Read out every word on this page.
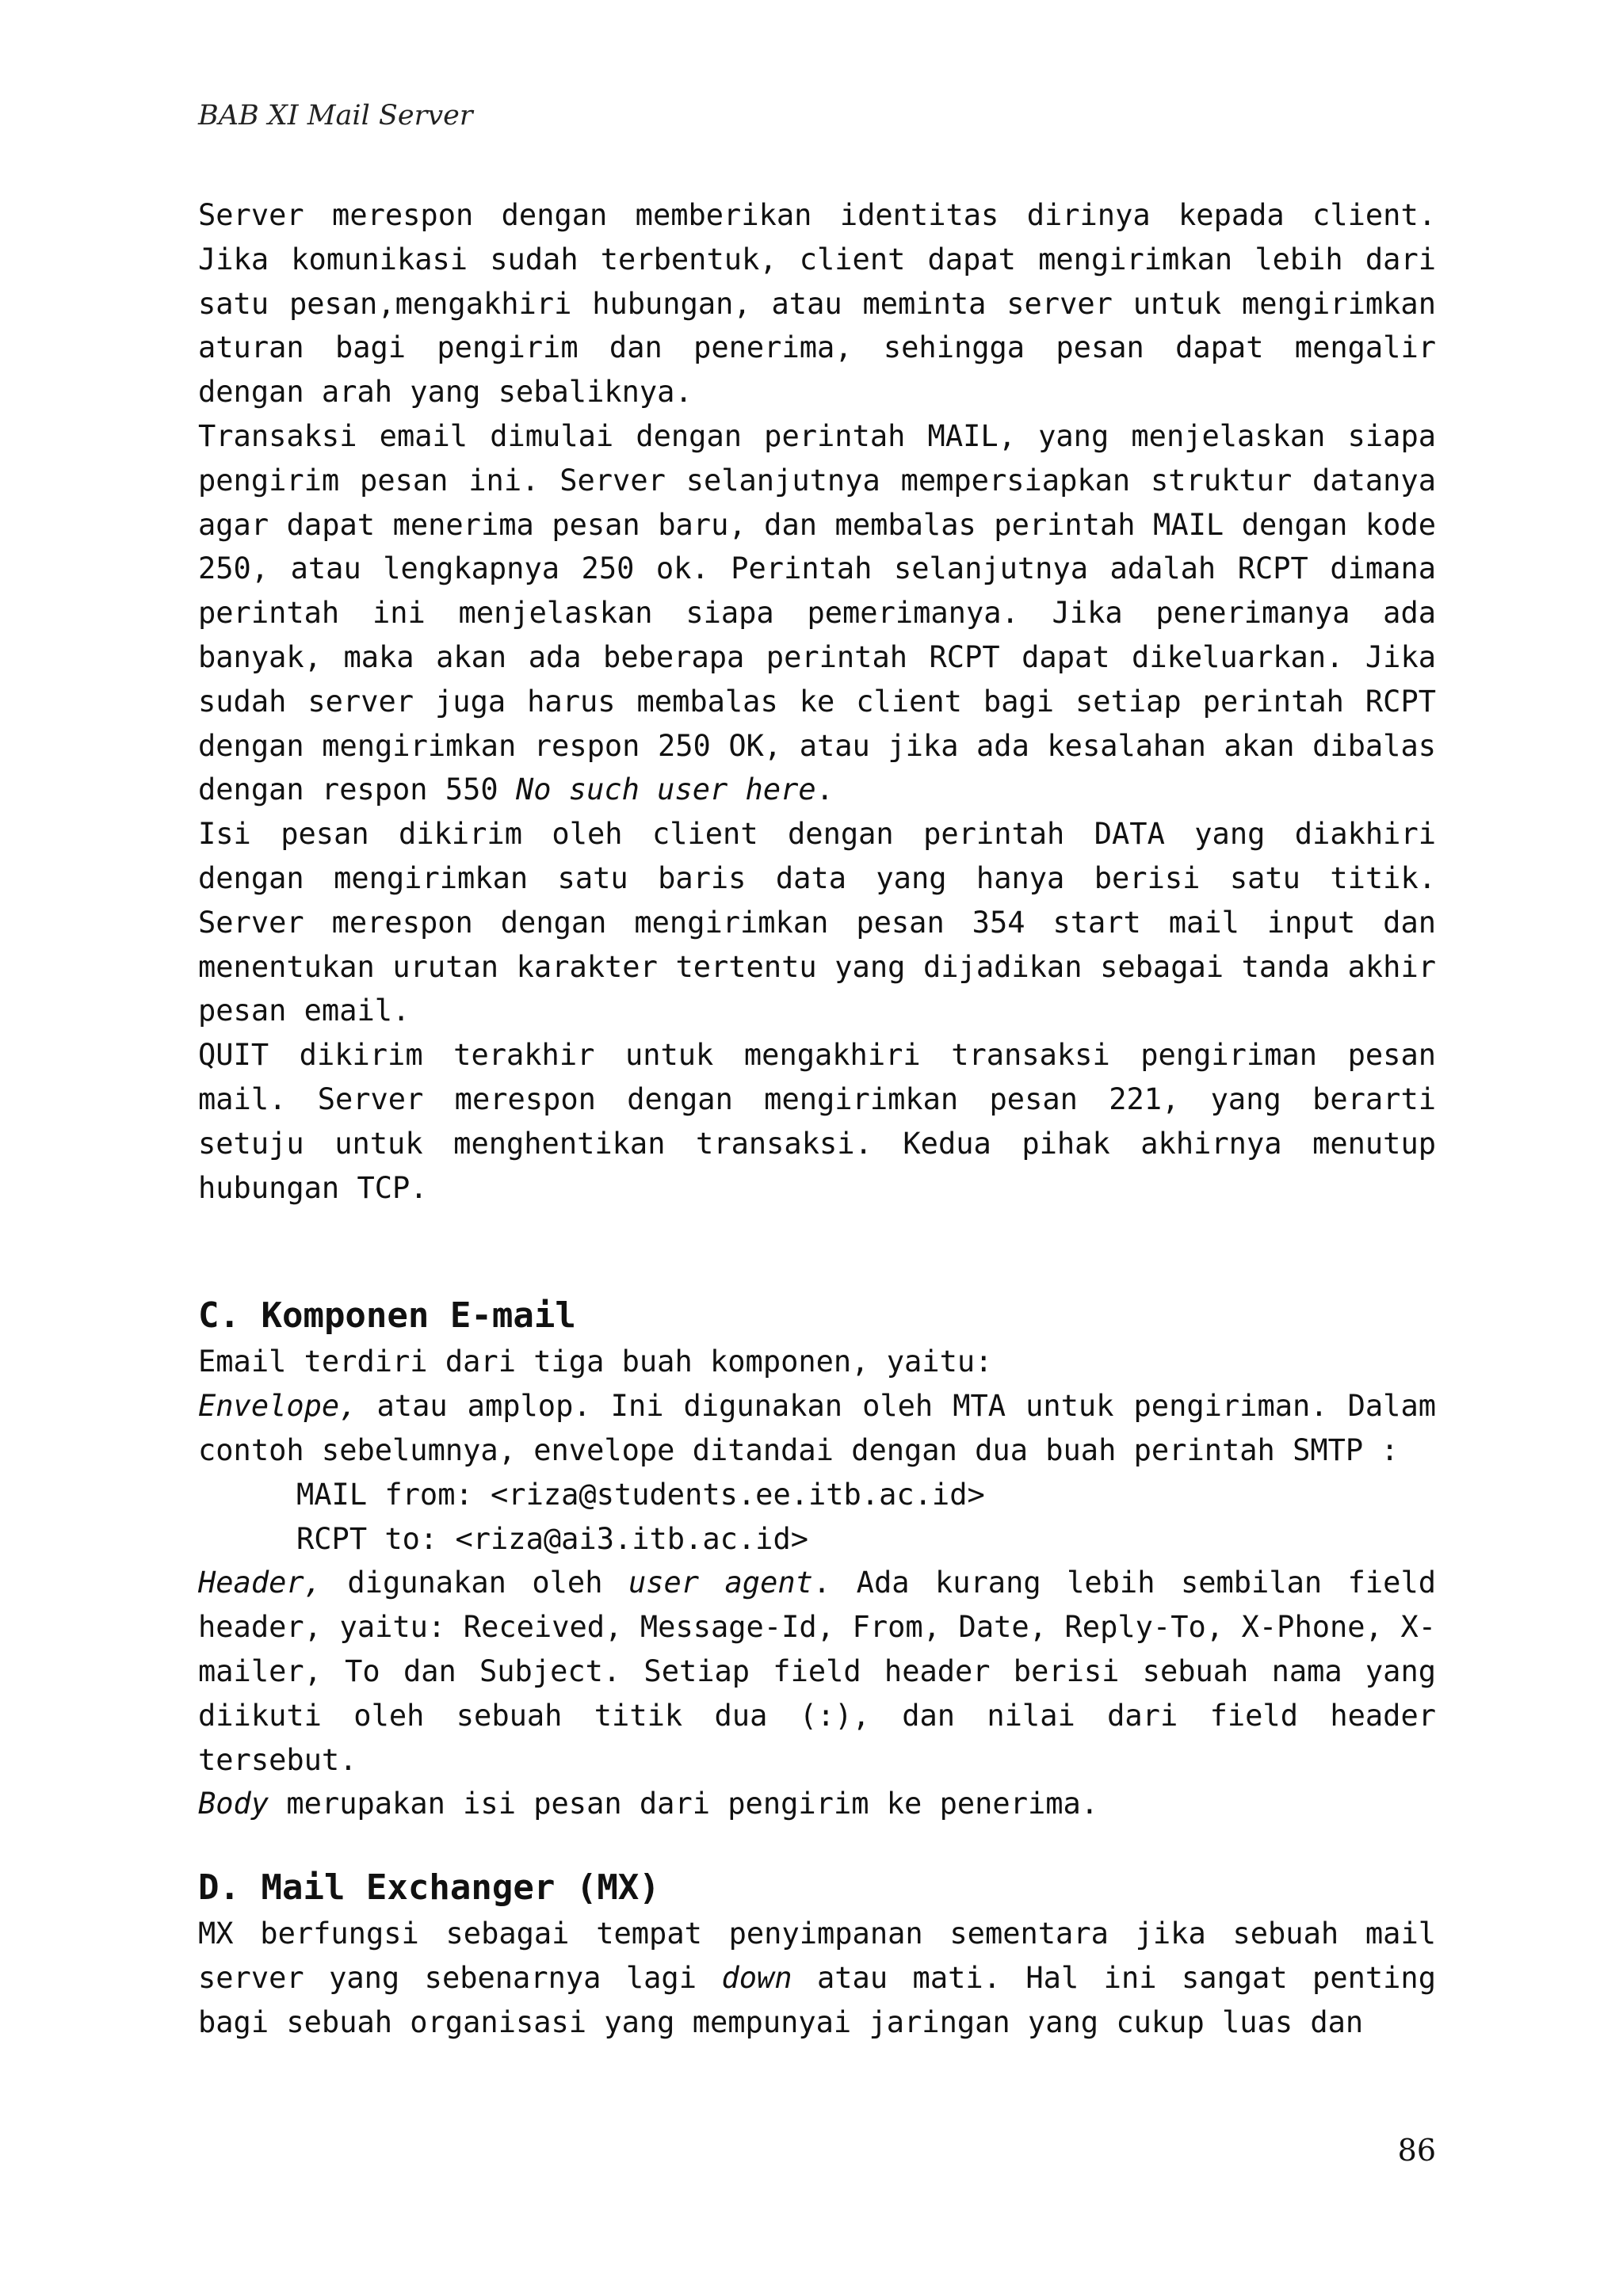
BAB XI Mail Server

Server merespon dengan memberikan identitas dirinya kepada client. Jika komunikasi sudah terbentuk, client dapat mengirimkan lebih dari satu pesan,mengakhiri hubungan, atau meminta server untuk mengirimkan aturan bagi pengirim dan penerima, sehingga pesan dapat mengalir dengan arah yang sebaliknya.

Transaksi email dimulai dengan perintah MAIL, yang menjelaskan siapa pengirim pesan ini. Server selanjutnya mempersiapkan struktur datanya agar dapat menerima pesan baru, dan membalas perintah MAIL dengan kode 250, atau lengkapnya 250 ok. Perintah selanjutnya adalah RCPT dimana perintah ini menjelaskan siapa pemerimanya. Jika penerimanya ada banyak, maka akan ada beberapa perintah RCPT dapat dikeluarkan. Jika sudah server juga harus membalas ke client bagi setiap perintah RCPT dengan mengirimkan respon 250 OK, atau jika ada kesalahan akan dibalas dengan respon 550 No such user here.

Isi pesan dikirim oleh client dengan perintah DATA yang diakhiri dengan mengirimkan satu baris data yang hanya berisi satu titik. Server merespon dengan mengirimkan pesan 354 start mail input dan menentukan urutan karakter tertentu yang dijadikan sebagai tanda akhir pesan email.

QUIT dikirim terakhir untuk mengakhiri transaksi pengiriman pesan mail. Server merespon dengan mengirimkan pesan 221, yang berarti setuju untuk menghentikan transaksi. Kedua pihak akhirnya menutup hubungan TCP.

C. Komponen E-mail

Email terdiri dari tiga buah komponen, yaitu:

Envelope, atau amplop. Ini digunakan oleh MTA untuk pengiriman. Dalam contoh sebelumnya, envelope ditandai dengan dua buah perintah SMTP :

MAIL from: <riza@students.ee.itb.ac.id>
RCPT to: <riza@ai3.itb.ac.id>

Header, digunakan oleh user agent. Ada kurang lebih sembilan field header, yaitu: Received, Message-Id, From, Date, Reply-To, X-Phone, X-mailer, To dan Subject. Setiap field header berisi sebuah nama yang diikuti oleh sebuah titik dua (:), dan nilai dari field header tersebut.

Body merupakan isi pesan dari pengirim ke penerima.

D. Mail Exchanger (MX)

MX berfungsi sebagai tempat penyimpanan sementara jika sebuah mail server yang sebenarnya lagi down atau mati. Hal ini sangat penting bagi sebuah organisasi yang mempunyai jaringan yang cukup luas dan

86
